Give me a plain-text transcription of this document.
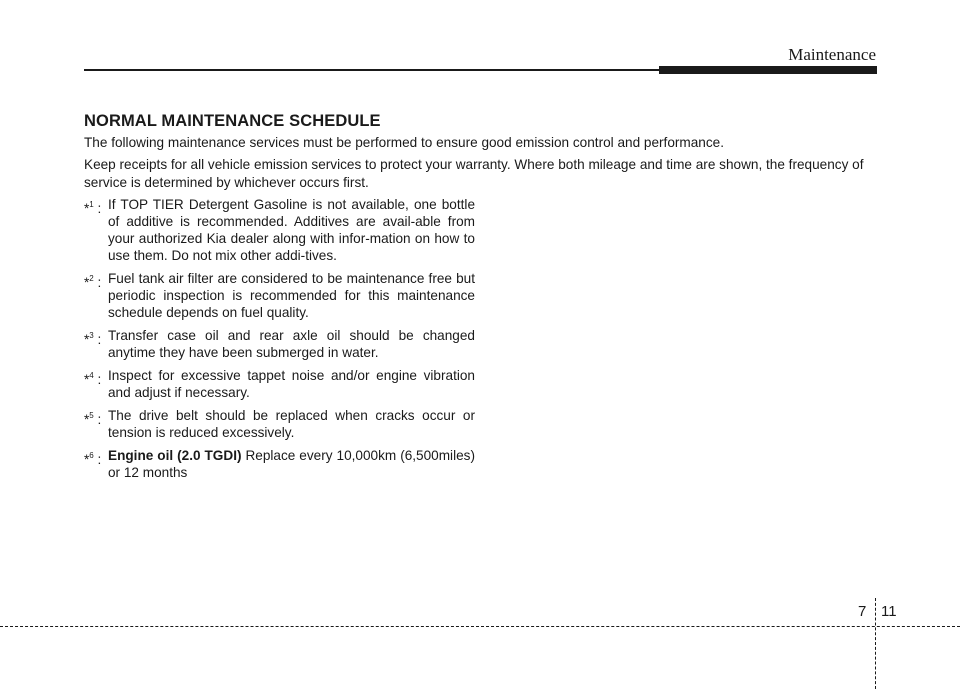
Maintenance
NORMAL MAINTENANCE SCHEDULE

The following maintenance services must be performed to ensure good emission control and performance.

Keep receipts for all vehicle emission services to protect your warranty. Where both mileage and time are shown, the frequency of service is determined by whichever occurs first.

*$^1$ : If TOP TIER Detergent Gasoline is not available, one bottle of additive is recommended. Additives are avail-able from your authorized Kia dealer along with infor-mation on how to use them. Do not mix other addi-tives.
*$^2$ : Fuel tank air filter are considered to be maintenance free but periodic inspection is recommended for this maintenance schedule depends on fuel quality.
*$^3$ : Transfer case oil and rear axle oil should be changed anytime they have been submerged in water.
*$^4$ : Inspect for excessive tappet noise and/or engine vibration and adjust if necessary.
*$^5$ : The drive belt should be replaced when cracks occur or tension is reduced excessively.
*$^6$ : Engine oil (2.0 TGDI) Replace every 10,000km (6,500miles) or 12 months
7 11
